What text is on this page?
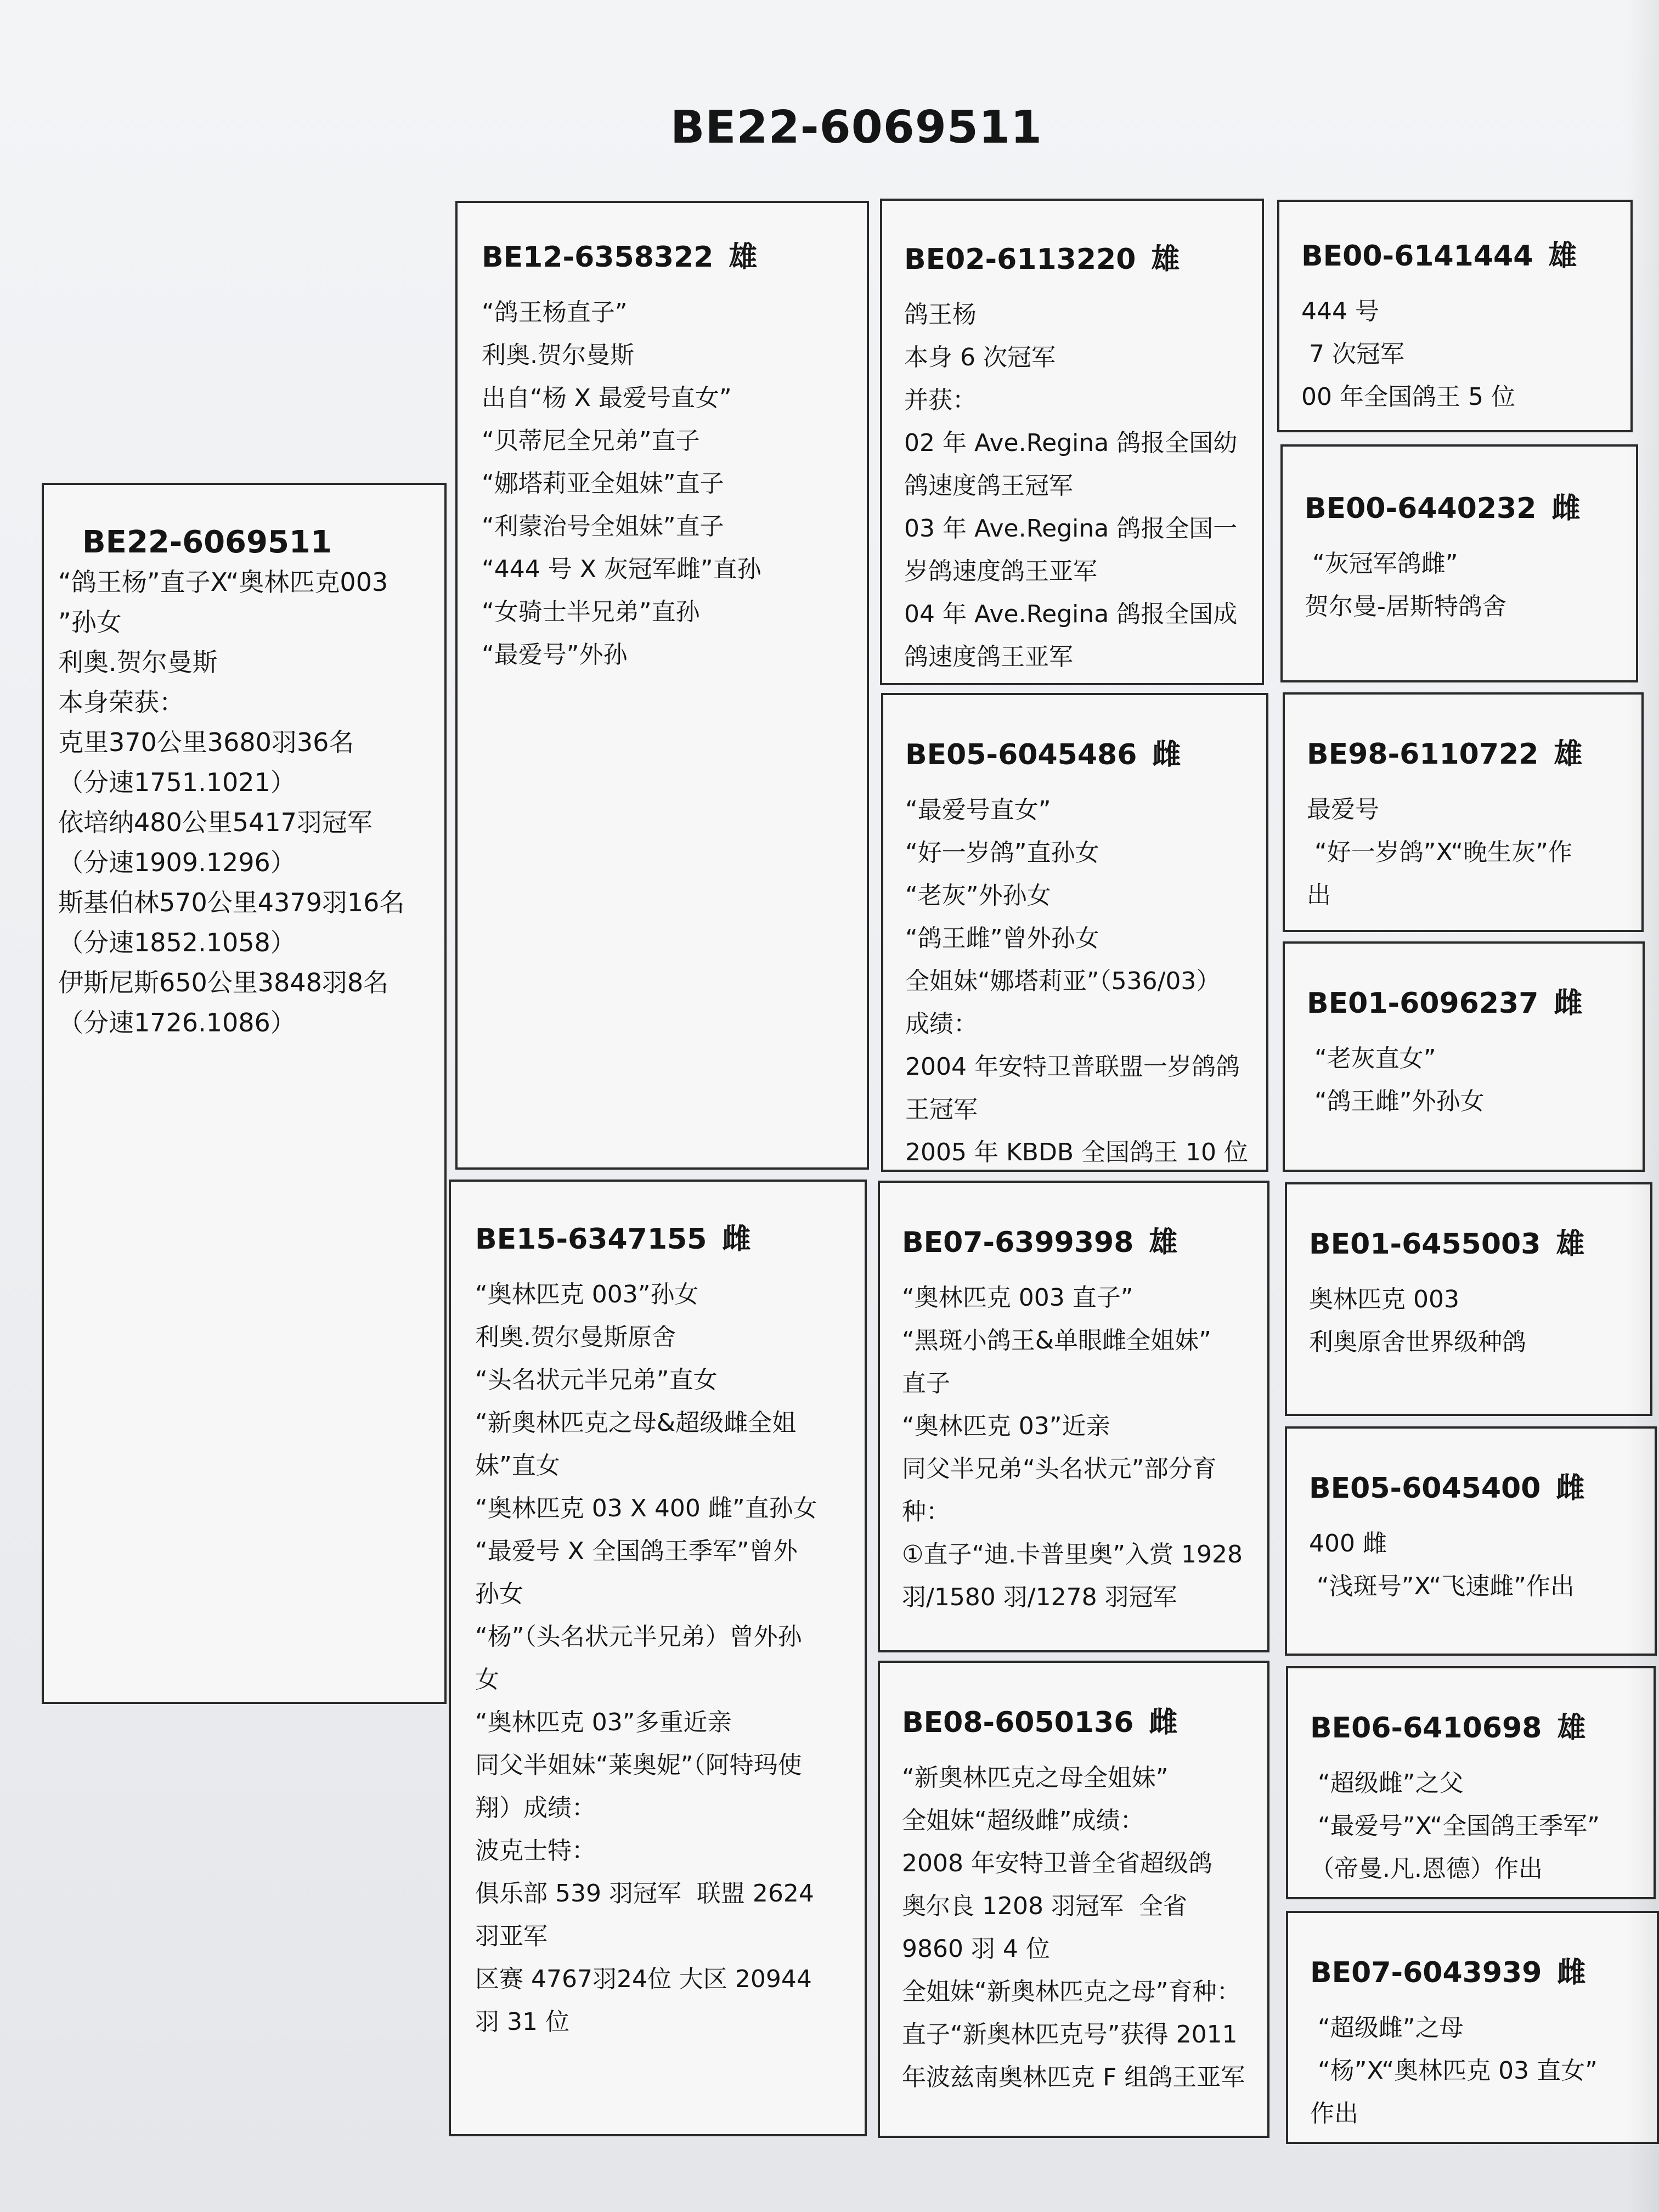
BE22-6069511
BE22-6069511
“鸽王杨”直子X“奥林匹克003
”孙女
利奥.贺尔曼斯
本身荣获：
克里370公里3680羽36名
（分速1751.1021）
依培纳480公里5417羽冠军
（分速1909.1296）
斯基伯林570公里4379羽16名
（分速1852.1058）
伊斯尼斯650公里3848羽8名
（分速1726.1086）
BE12-6358322 雄
“鸽王杨直子”
利奥.贺尔曼斯
出自“杨 X 最爱号直女”
“贝蒂尼全兄弟”直子
“娜塔莉亚全姐妹”直子
“利蒙治号全姐妹”直子
“444 号 X 灰冠军雌”直孙
“女骑士半兄弟”直孙
“最爱号”外孙
BE15-6347155 雌
“奥林匹克 003”孙女
利奥.贺尔曼斯原舍
“头名状元半兄弟”直女
“新奥林匹克之母&超级雌全姐
妹”直女
“奥林匹克 03 X 400 雌”直孙女
“最爱号 X 全国鸽王季军”曾外
孙女
“杨”（头名状元半兄弟）曾外孙
女
“奥林匹克 03”多重近亲
同父半姐妹“莱奥妮”（阿特玛使
翔）成绩：
波克士特：
俱乐部 539 羽冠军  联盟 2624
羽亚军
区赛 4767羽24位 大区 20944
羽 31 位
BE02-6113220 雄
鸽王杨
本身 6 次冠军
并获：
02 年 Ave.Regina 鸽报全国幼
鸽速度鸽王冠军
03 年 Ave.Regina 鸽报全国一
岁鸽速度鸽王亚军
04 年 Ave.Regina 鸽报全国成
鸽速度鸽王亚军
BE05-6045486 雌
“最爱号直女”
“好一岁鸽”直孙女
“老灰”外孙女
“鸽王雌”曾外孙女
全姐妹“娜塔莉亚”（536/03）
成绩：
2004 年安特卫普联盟一岁鸽鸽
王冠军
2005 年 KBDB 全国鸽王 10 位
BE07-6399398 雄
“奥林匹克 003 直子”
“黑斑小鸽王&单眼雌全姐妹”
直子
“奥林匹克 03”近亲
同父半兄弟“头名状元”部分育
种：
①直子“迪.卡普里奥”入赏 1928
羽/1580 羽/1278 羽冠军
BE08-6050136 雌
“新奥林匹克之母全姐妹”
全姐妹“超级雌”成绩：
2008 年安特卫普全省超级鸽
奥尔良 1208 羽冠军  全省
9860 羽 4 位
全姐妹“新奥林匹克之母”育种：
直子“新奥林匹克号”获得 2011
年波兹南奥林匹克 F 组鸽王亚军
BE00-6141444 雄
444 号
7 次冠军
00 年全国鸽王 5 位
BE00-6440232 雌
“灰冠军鸽雌”
贺尔曼-居斯特鸽舍
BE98-6110722 雄
最爱号
“好一岁鸽”X“晚生灰”作
出
BE01-6096237 雌
“老灰直女”
“鸽王雌”外孙女
BE01-6455003 雄
奥林匹克 003
利奥原舍世界级种鸽
BE05-6045400 雌
400 雌
“浅斑号”X“飞速雌”作出
BE06-6410698 雄
“超级雌”之父
“最爱号”X“全国鸽王季军”
（帝曼.凡.恩德）作出
BE07-6043939 雌
“超级雌”之母
“杨”X“奥林匹克 03 直女”
作出
